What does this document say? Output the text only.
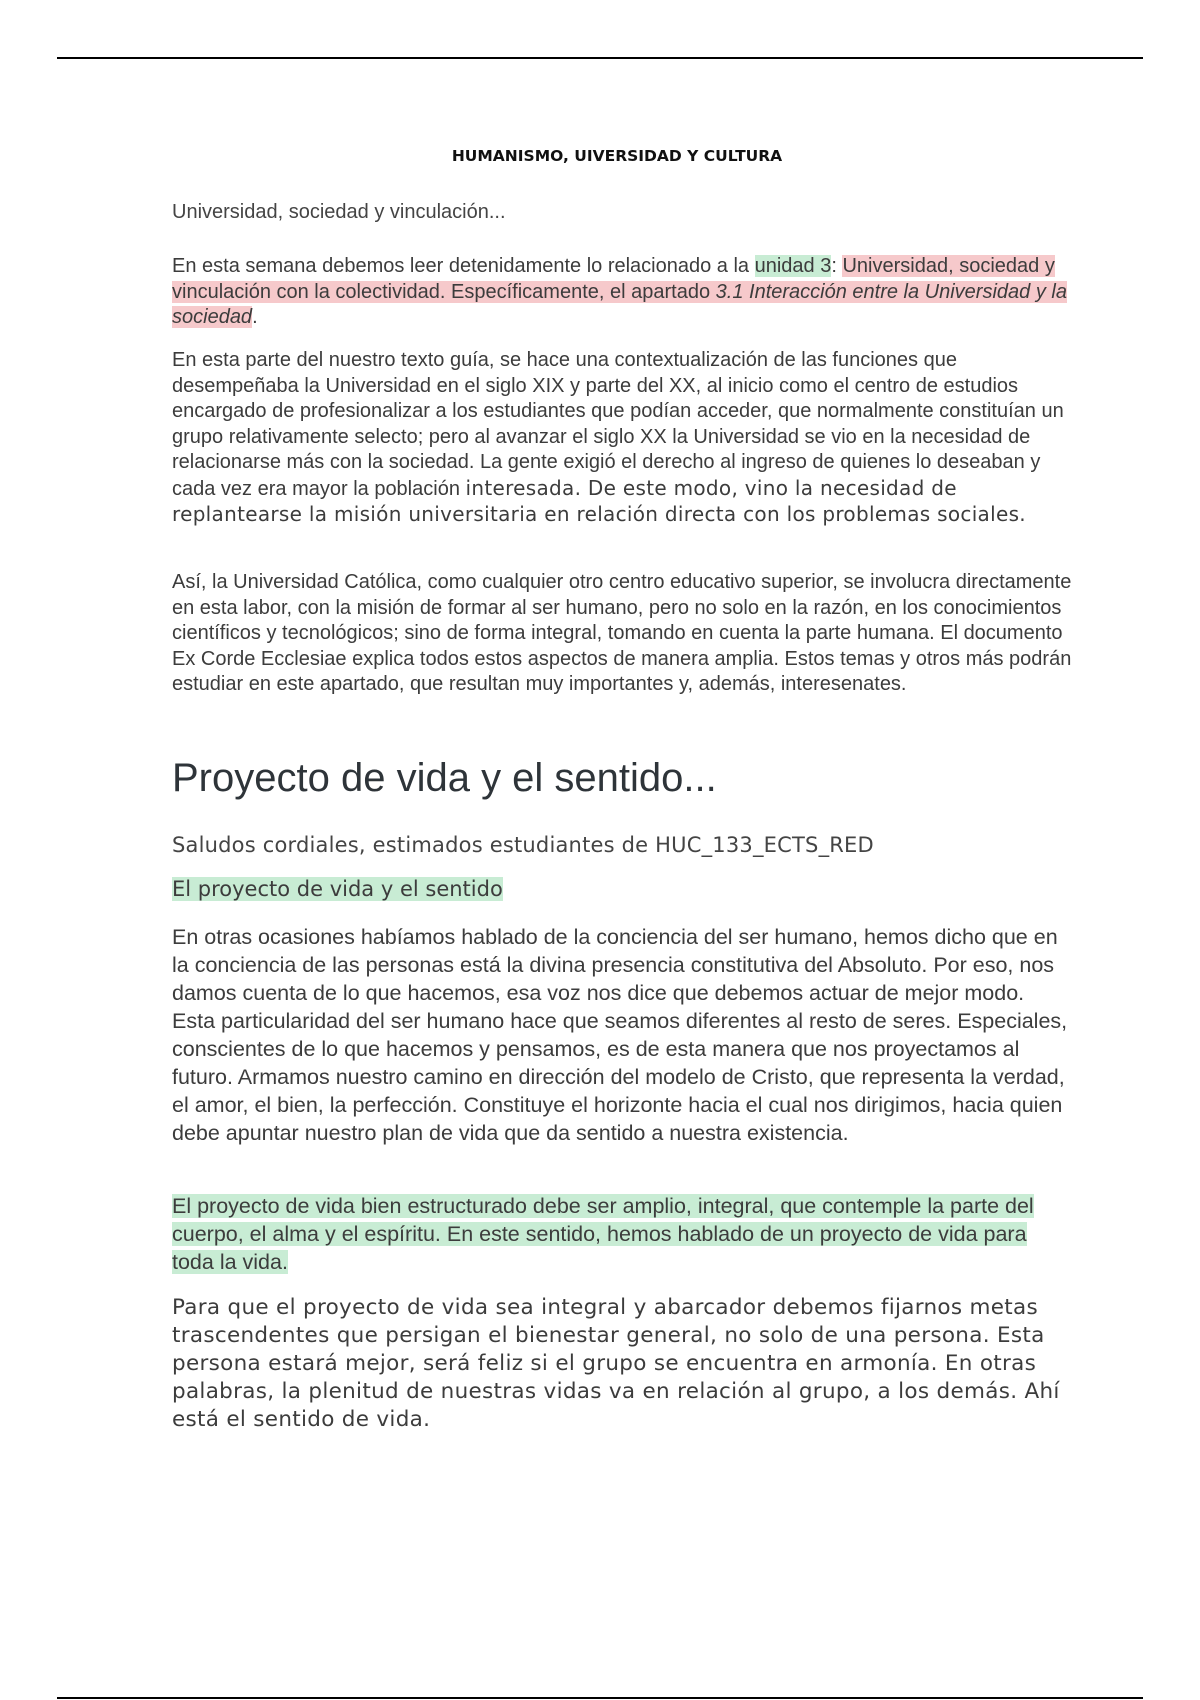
HUMANISMO, UIVERSIDAD Y CULTURA

Universidad, sociedad y vinculación...

En esta semana debemos leer detenidamente lo relacionado a la unidad 3: Universidad, sociedad y vinculación con la colectividad. Específicamente, el apartado 3.1 Interacción entre la Universidad y la sociedad.

En esta parte del nuestro texto guía, se hace una contextualización de las funciones que desempeñaba la Universidad en el siglo XIX y parte del XX, al inicio como el centro de estudios encargado de profesionalizar a los estudiantes que podían acceder, que normalmente constituían un grupo relativamente selecto; pero al avanzar el siglo XX la Universidad se vio en la necesidad de relacionarse más con la sociedad. La gente exigió el derecho al ingreso de quienes lo deseaban y cada vez era mayor la población interesada. De este modo, vino la necesidad de replantearse la misión universitaria en relación directa con los problemas sociales.

Así, la Universidad Católica, como cualquier otro centro educativo superior, se involucra directamente en esta labor, con la misión de formar al ser humano, pero no solo en la razón, en los conocimientos científicos y tecnológicos; sino de forma integral, tomando en cuenta la parte humana. El documento Ex Corde Ecclesiae explica todos estos aspectos de manera amplia. Estos temas y otros más podrán estudiar en este apartado, que resultan muy importantes y, además, interesenates.

Proyecto de vida y el sentido...

Saludos cordiales, estimados estudiantes de HUC_133_ECTS_RED

El proyecto de vida y el sentido

En otras ocasiones habíamos hablado de la conciencia del ser humano, hemos dicho que en la conciencia de las personas está la divina presencia constitutiva del Absoluto. Por eso, nos damos cuenta de lo que hacemos, esa voz nos dice que debemos actuar de mejor modo. Esta particularidad del ser humano hace que seamos diferentes al resto de seres. Especiales, conscientes de lo que hacemos y pensamos, es de esta manera que nos proyectamos al futuro. Armamos nuestro camino en dirección del modelo de Cristo, que representa la verdad, el amor, el bien, la perfección. Constituye el horizonte hacia el cual nos dirigimos, hacia quien debe apuntar nuestro plan de vida que da sentido a nuestra existencia.

El proyecto de vida bien estructurado debe ser amplio, integral, que contemple la parte del cuerpo, el alma y el espíritu. En este sentido, hemos hablado de un proyecto de vida para toda la vida.

Para que el proyecto de vida sea integral y abarcador debemos fijarnos metas trascendentes que persigan el bienestar general, no solo de una persona. Esta persona estará mejor, será feliz si el grupo se encuentra en armonía. En otras palabras, la plenitud de nuestras vidas va en relación al grupo, a los demás. Ahí está el sentido de vida.
